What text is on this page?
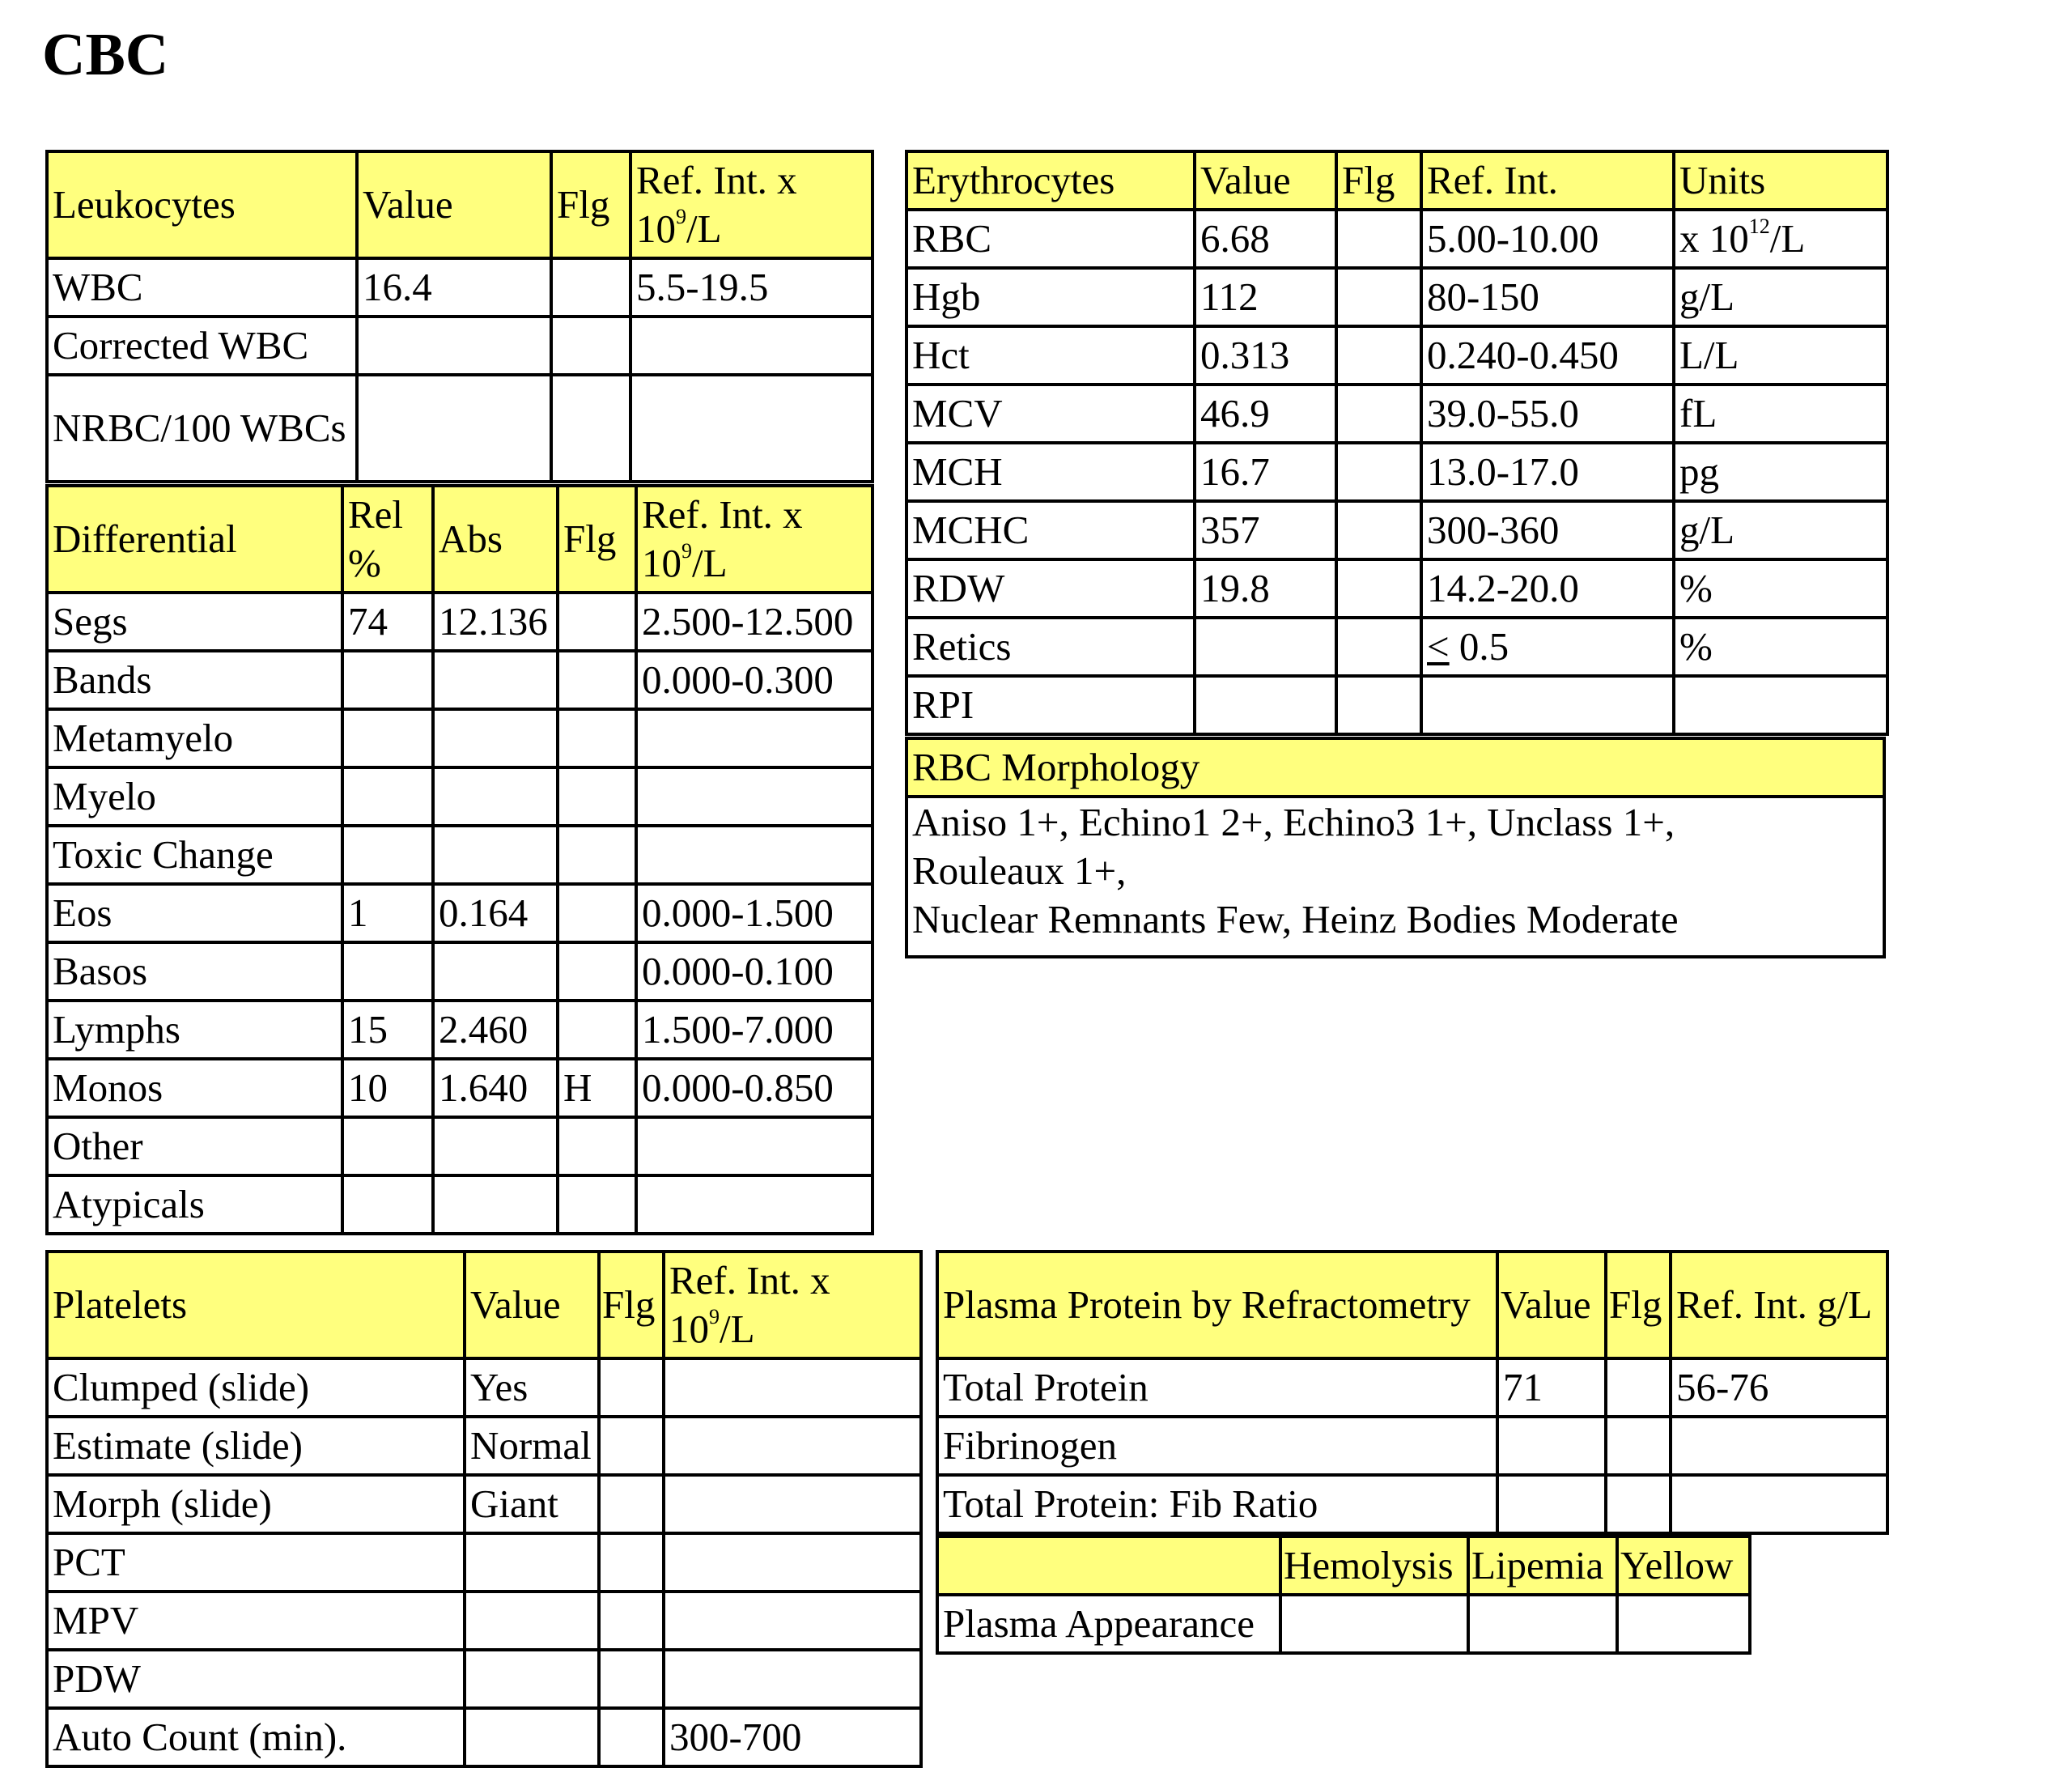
CBC
Leukocytes	Value	Flg	Ref. Int. x $10^9/L$
WBC	16.4		5.5-19.5
Corrected WBC			
NRBC/100 WBCs			
Differential	Rel %	Abs	Flg	Ref. Int. x $10^9/L$
Segs	74	12.136		2.500-12.500
Bands				0.000-0.300
Metamyelo				
Myelo				
Toxic Change				
Eos	1	0.164		0.000-1.500
Basos				0.000-0.100
Lymphs	15	2.460		1.500-7.000
Monos	10	1.640	H	0.000-0.850
Other				
Atypicals				
Erythrocytes	Value	Flg	Ref. Int.	Units
RBC	6.68		5.00-10.00	x $10^{12}/L$
Hgb	112		80-150	g/L
Hct	0.313		0.240-0.450	L/L
MCV	46.9		39.0-55.0	fL
MCH	16.7		13.0-17.0	pg
MCHC	357		300-360	g/L
RDW	19.8		14.2-20.0	%
Retics			≤ 0.5	%
RPI				
RBC Morphology

Aniso 1+, Echino1 2+, Echino3 1+, Unclass 1+,
Rouleaux 1+,
Nuclear Remnants Few, Heinz Bodies Moderate
Platelets	Value	Flg	Ref. Int. x $10^9/L$
Clumped (slide)	Yes		
Estimate (slide)	Normal		
Morph (slide)	Giant		
PCT			
MPV			
PDW			
Auto Count (min).			300-700
Plasma Protein by Refractometry	Value	Flg	Ref. Int. g/L
Total Protein	71		56-76
Fibrinogen			
Total Protein: Fib Ratio			
	Hemolysis	Lipemia	Yellow
Plasma Appearance			
